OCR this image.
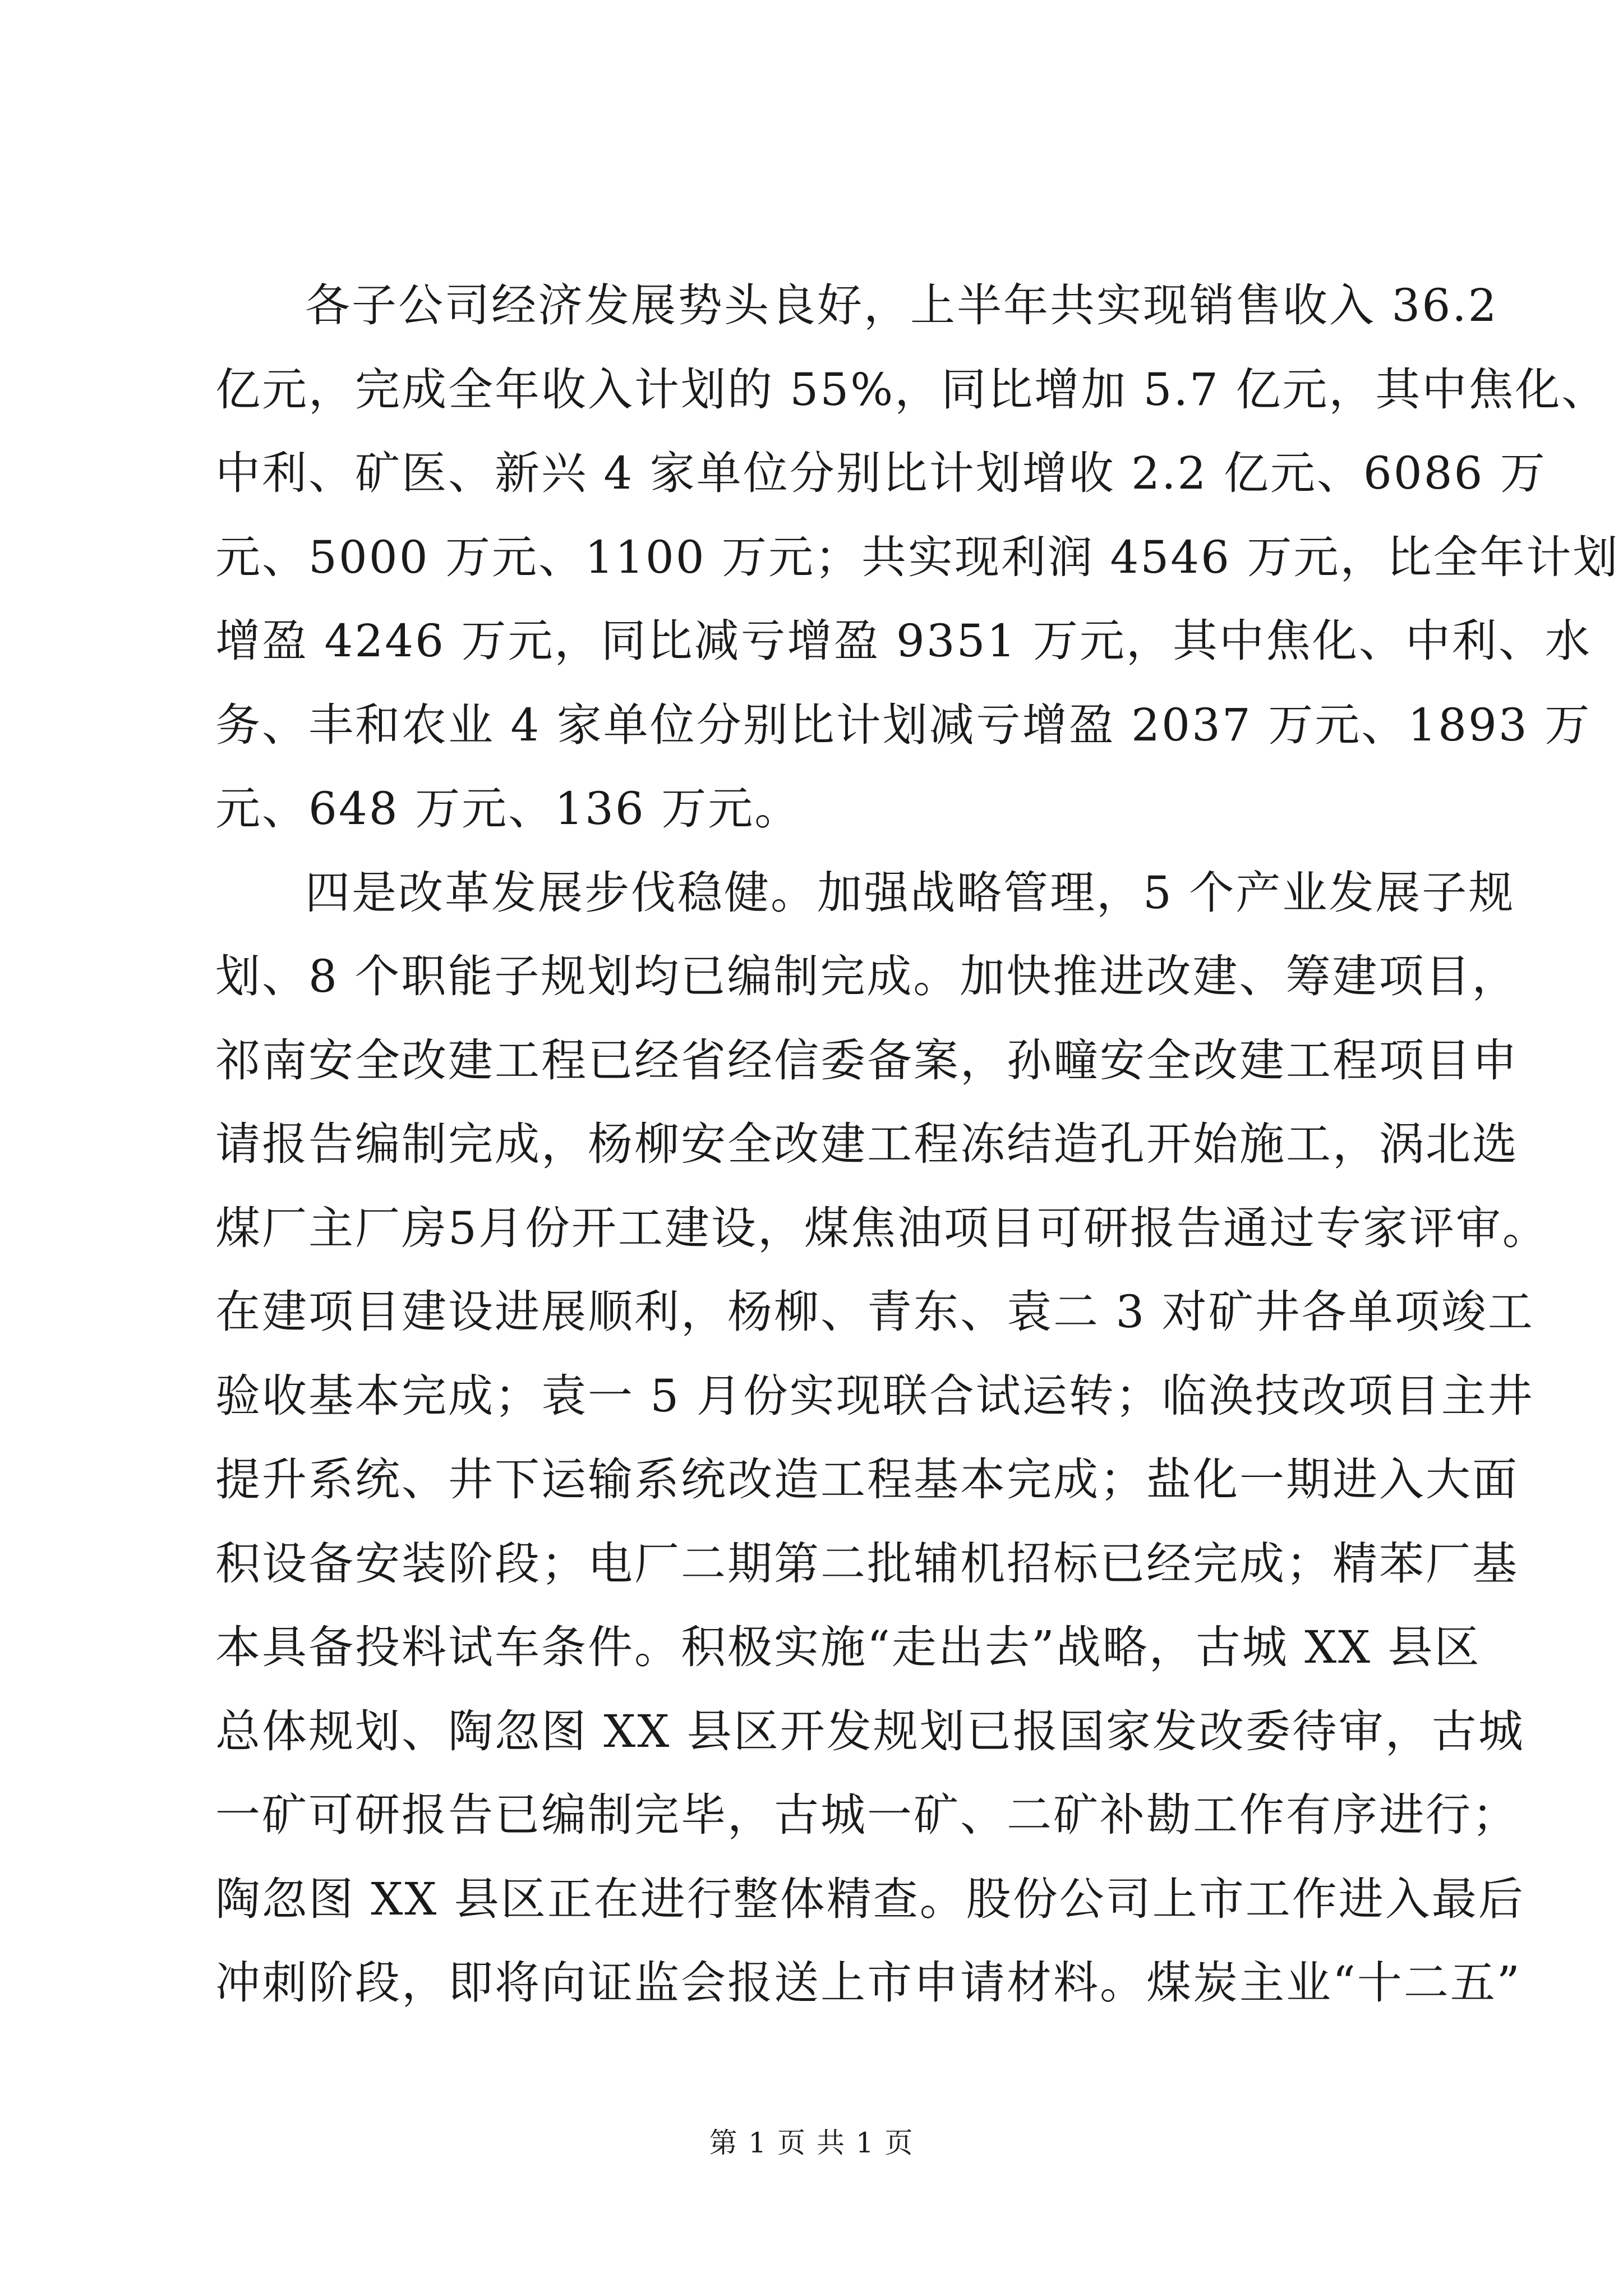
各子公司经济发展势头良好，上半年共实现销售收入 36.2
亿元，完成全年收入计划的 55%，同比增加 5.7 亿元，其中焦化、
中利、矿医、新兴 4 家单位分别比计划增收 2.2 亿元、6086 万
元、5000 万元、1100 万元；共实现利润 4546 万元，比全年计划
增盈 4246 万元，同比减亏增盈 9351 万元，其中焦化、中利、水
务、丰和农业 4 家单位分别比计划减亏增盈 2037 万元、1893 万
元、648 万元、136 万元。

四是改革发展步伐稳健。加强战略管理，5 个产业发展子规
划、8 个职能子规划均已编制完成。加快推进改建、筹建项目，
祁南安全改建工程已经省经信委备案，孙疃安全改建工程项目申
请报告编制完成，杨柳安全改建工程冻结造孔开始施工，涡北选
煤厂主厂房5月份开工建设，煤焦油项目可研报告通过专家评审。
在建项目建设进展顺利，杨柳、青东、袁二 3 对矿井各单项竣工
验收基本完成；袁一 5 月份实现联合试运转；临涣技改项目主井
提升系统、井下运输系统改造工程基本完成；盐化一期进入大面
积设备安装阶段；电厂二期第二批辅机招标已经完成；精苯厂基
本具备投料试车条件。积极实施“走出去”战略，古城 XX 县区
总体规划、陶忽图 XX 县区开发规划已报国家发改委待审，古城
一矿可研报告已编制完毕，古城一矿、二矿补勘工作有序进行；
陶忽图 XX 县区正在进行整体精查。股份公司上市工作进入最后
冲刺阶段，即将向证监会报送上市申请材料。煤炭主业“十二五”

第 1 页 共 1 页
